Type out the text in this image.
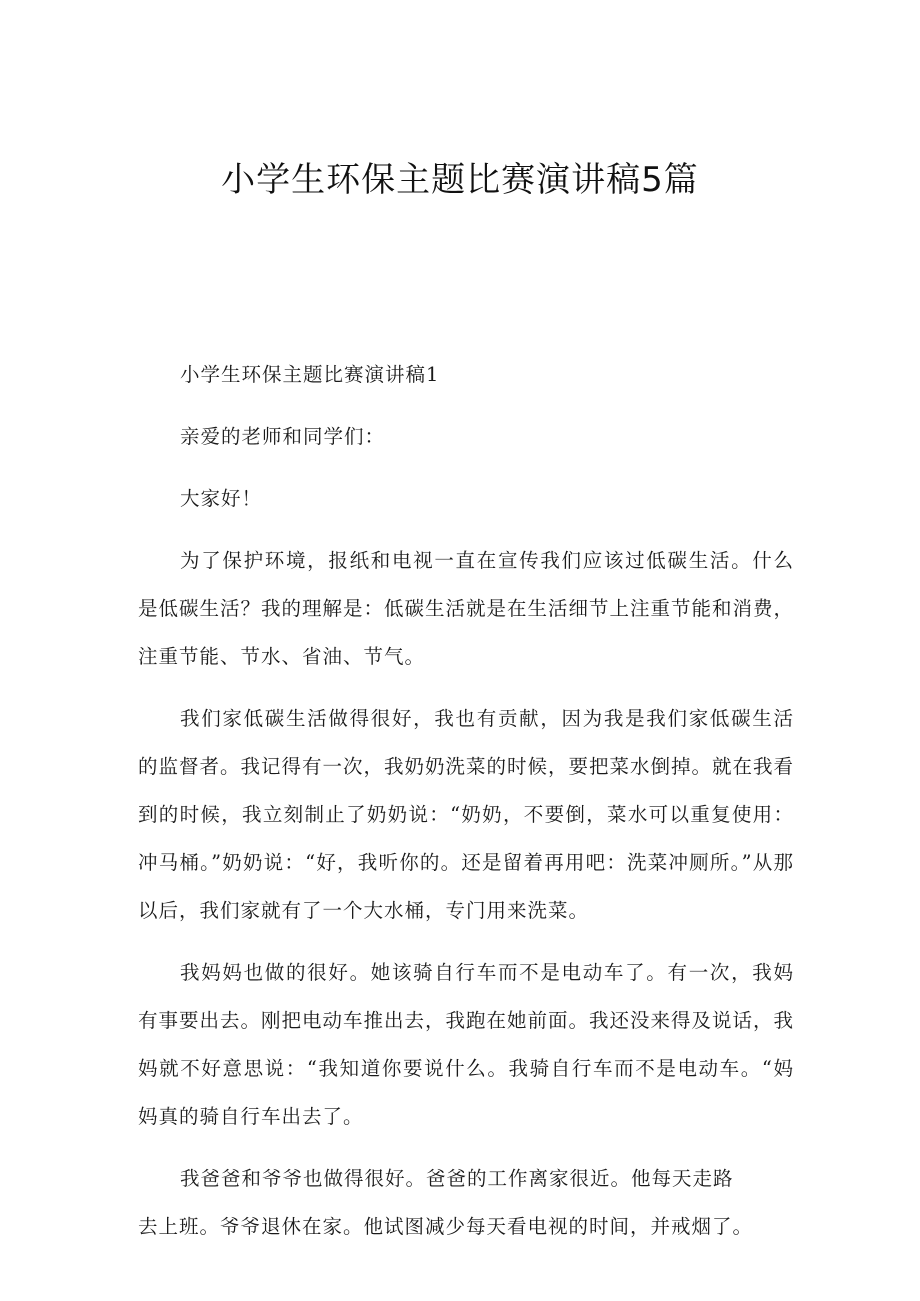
小学生环保主题比赛演讲稿5篇

小学生环保主题比赛演讲稿1

亲爱的老师和同学们：

大家好！

为了保护环境，报纸和电视一直在宣传我们应该过低碳生活。什么是低碳生活？我的理解是：低碳生活就是在生活细节上注重节能和消费，注重节能、节水、省油、节气。

我们家低碳生活做得很好，我也有贡献，因为我是我们家低碳生活的监督者。我记得有一次，我奶奶洗菜的时候，要把菜水倒掉。就在我看到的时候，我立刻制止了奶奶说：“奶奶，不要倒，菜水可以重复使用：冲马桶。”奶奶说：“好，我听你的。还是留着再用吧：洗菜冲厕所。”从那以后，我们家就有了一个大水桶，专门用来洗菜。

我妈妈也做的很好。她该骑自行车而不是电动车了。有一次，我妈有事要出去。刚把电动车推出去，我跑在她前面。我还没来得及说话，我妈就不好意思说：“我知道你要说什么。我骑自行车而不是电动车。“妈妈真的骑自行车出去了。

我爸爸和爷爷也做得很好。爸爸的工作离家很近。他每天走路
去上班。爷爷退休在家。他试图减少每天看电视的时间，并戒烟了。
